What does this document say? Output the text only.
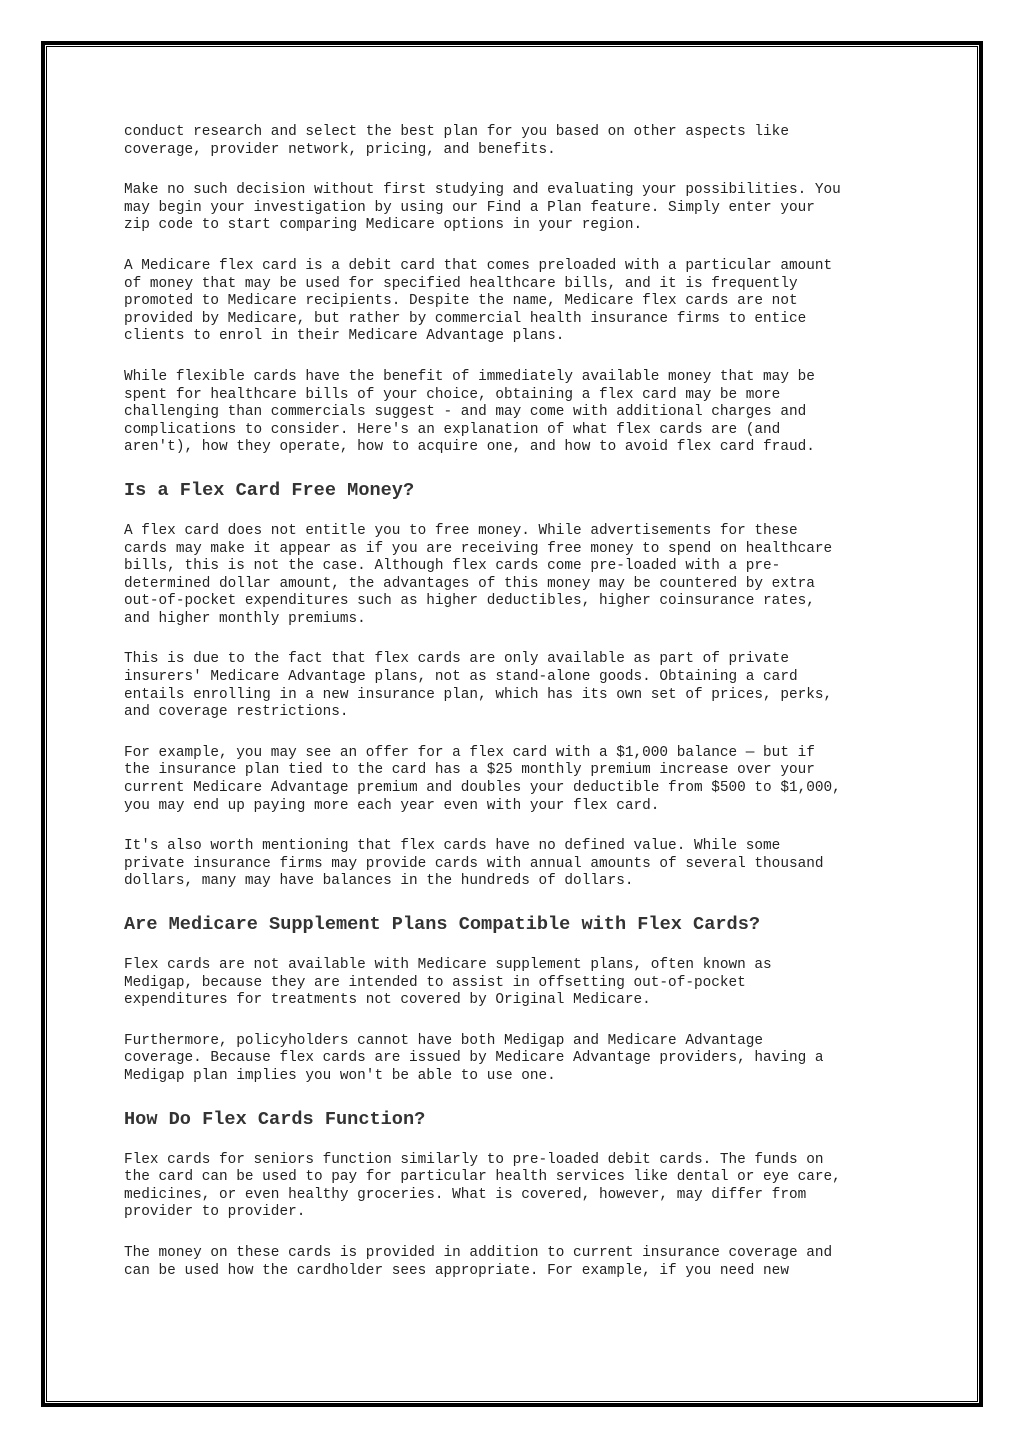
conduct research and select the best plan for you based on other aspects like
coverage, provider network, pricing, and benefits.
Make no such decision without first studying and evaluating your possibilities. You
may begin your investigation by using our Find a Plan feature. Simply enter your
zip code to start comparing Medicare options in your region.
A Medicare flex card is a debit card that comes preloaded with a particular amount
of money that may be used for specified healthcare bills, and it is frequently
promoted to Medicare recipients. Despite the name, Medicare flex cards are not
provided by Medicare, but rather by commercial health insurance firms to entice
clients to enrol in their Medicare Advantage plans.
While flexible cards have the benefit of immediately available money that may be
spent for healthcare bills of your choice, obtaining a flex card may be more
challenging than commercials suggest - and may come with additional charges and
complications to consider. Here's an explanation of what flex cards are (and
aren't), how they operate, how to acquire one, and how to avoid flex card fraud.
Is a Flex Card Free Money?
A flex card does not entitle you to free money. While advertisements for these
cards may make it appear as if you are receiving free money to spend on healthcare
bills, this is not the case. Although flex cards come pre-loaded with a pre-
determined dollar amount, the advantages of this money may be countered by extra
out-of-pocket expenditures such as higher deductibles, higher coinsurance rates,
and higher monthly premiums.
This is due to the fact that flex cards are only available as part of private
insurers' Medicare Advantage plans, not as stand-alone goods. Obtaining a card
entails enrolling in a new insurance plan, which has its own set of prices, perks,
and coverage restrictions.
For example, you may see an offer for a flex card with a $1,000 balance — but if
the insurance plan tied to the card has a $25 monthly premium increase over your
current Medicare Advantage premium and doubles your deductible from $500 to $1,000,
you may end up paying more each year even with your flex card.
It's also worth mentioning that flex cards have no defined value. While some
private insurance firms may provide cards with annual amounts of several thousand
dollars, many may have balances in the hundreds of dollars.
Are Medicare Supplement Plans Compatible with Flex Cards?
Flex cards are not available with Medicare supplement plans, often known as
Medigap, because they are intended to assist in offsetting out-of-pocket
expenditures for treatments not covered by Original Medicare.
Furthermore, policyholders cannot have both Medigap and Medicare Advantage
coverage. Because flex cards are issued by Medicare Advantage providers, having a
Medigap plan implies you won't be able to use one.
How Do Flex Cards Function?
Flex cards for seniors function similarly to pre-loaded debit cards. The funds on
the card can be used to pay for particular health services like dental or eye care,
medicines, or even healthy groceries. What is covered, however, may differ from
provider to provider.
The money on these cards is provided in addition to current insurance coverage and
can be used how the cardholder sees appropriate. For example, if you need new
